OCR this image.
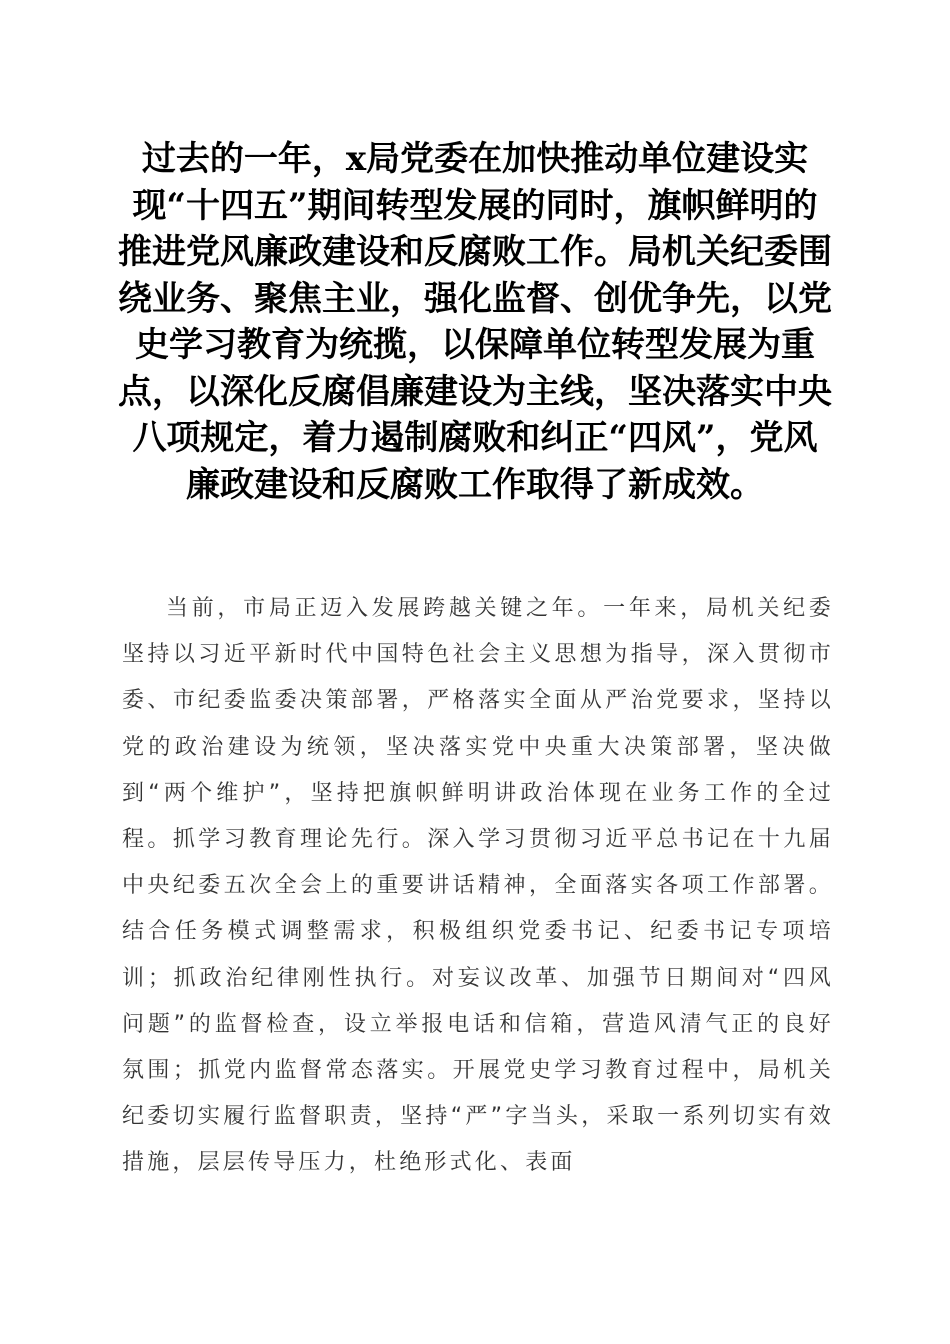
过去的一年，x局党委在加快推动单位建设实现“十四五”期间转型发展的同时，旗帜鲜明的推进党风廉政建设和反腐败工作。局机关纪委围绕业务、聚焦主业，强化监督、创优争先，以党史学习教育为统揽，以保障单位转型发展为重点，以深化反腐倡廉建设为主线，坚决落实中央八项规定，着力遏制腐败和纠正“四风”，党风廉政建设和反腐败工作取得了新成效。

当前，市局正迈入发展跨越关键之年。一年来，局机关纪委坚持以习近平新时代中国特色社会主义思想为指导，深入贯彻市委、市纪委监委决策部署，严格落实全面从严治党要求，坚持以党的政治建设为统领，坚决落实党中央重大决策部署，坚决做到“两个维护”，坚持把旗帜鲜明讲政治体现在业务工作的全过程。抓学习教育理论先行。深入学习贯彻习近平总书记在十九届中央纪委五次全会上的重要讲话精神，全面落实各项工作部署。结合任务模式调整需求，积极组织党委书记、纪委书记专项培训；抓政治纪律刚性执行。对妄议改革、加强节日期间对“四风问题”的监督检查，设立举报电话和信箱，营造风清气正的良好氛围；抓党内监督常态落实。开展党史学习教育过程中，局机关纪委切实履行监督职责，坚持“严”字当头，采取一系列切实有效措施，层层传导压力，杜绝形式化、表面
